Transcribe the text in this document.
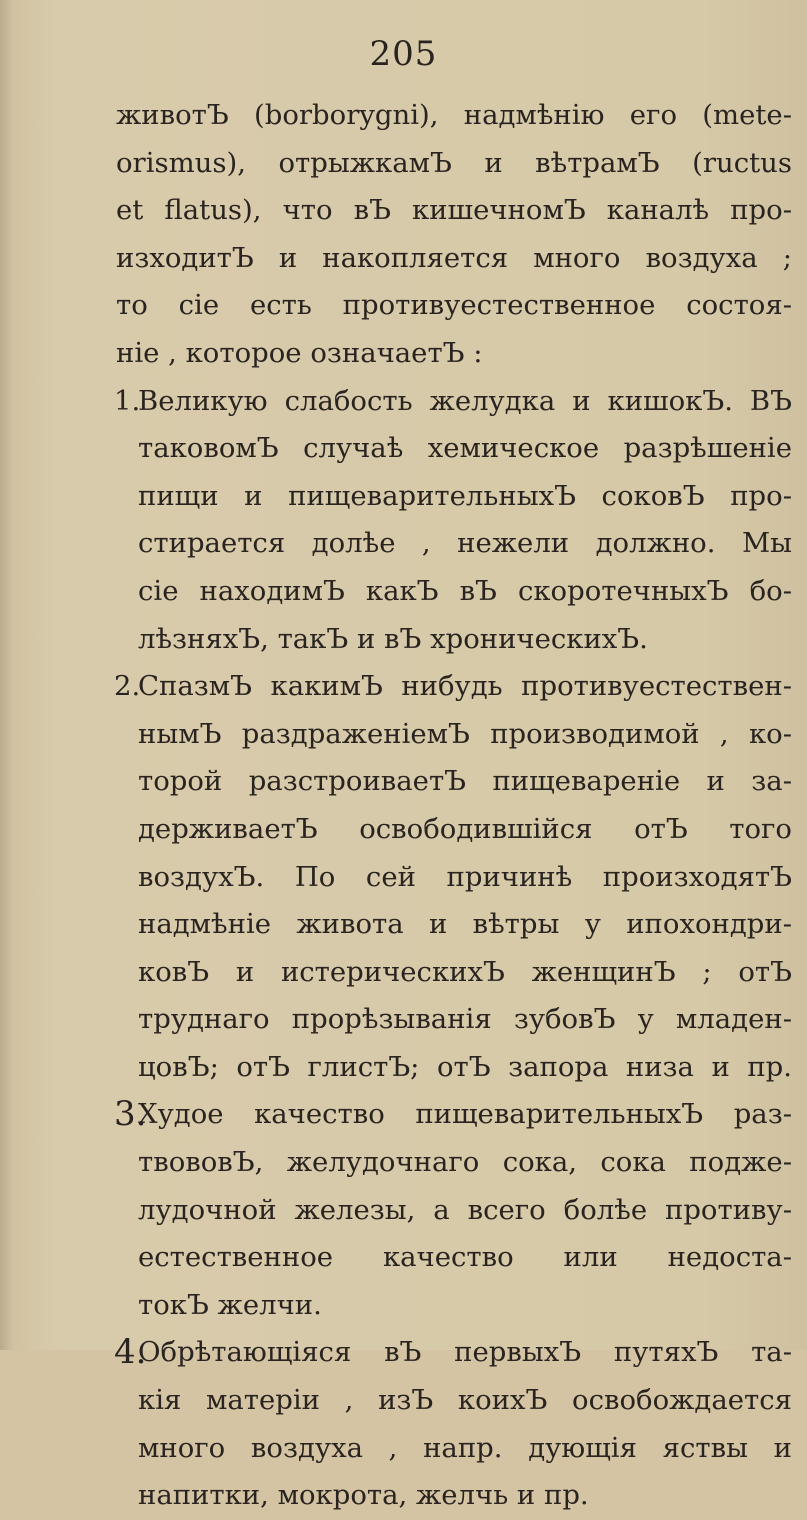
205
животЪ (borborygni), надмѣнію его (mete-
orismus), отрыжкамЪ и вѣтрамЪ (ructus
et flatus), что вЪ кишечномЪ каналѣ про-
изходитЪ и накопляется много воздуха ;
то сіе есть противуестественное состоя-
ніе , которое означаетЪ :
1.
Великую слабость желудка и кишокЪ. ВЪ
таковомЪ случаѣ хемическое разрѣшеніе
пищи и пищеварительныхЪ соковЪ про-
стирается долѣе , нежели должно. Мы
сіе находимЪ какЪ вЪ скоротечныхЪ бо-
лѣзняхЪ, такЪ и вЪ хроническихЪ.
2.
СпазмЪ какимЪ нибудь противуестествен-
нымЪ раздраженіемЪ производимой , ко-
торой разстроиваетЪ пищевареніе и за-
держиваетЪ освободившійся отЪ того
воздухЪ. По сей причинѣ произходятЪ
надмѣніе живота и вѣтры у ипохондри-
ковЪ и истерическихЪ женщинЪ ; отЪ
труднаго прорѣзыванія зубовЪ у младен-
цовЪ; отЪ глистЪ; отЪ запора низа и пр.
3.
Худое качество пищеварительныхЪ раз-
твововЪ, желудочнаго сока, сока подже-
лудочной железы, а всего болѣе противу-
естественное качество или недоста-
токЪ желчи.
4.
Обрѣтающіяся вЪ первыхЪ путяхЪ та-
кія матеріи , изЪ коихЪ освобождается
много воздуха , напр. дующія яствы и
напитки, мокрота, желчь и пр.
